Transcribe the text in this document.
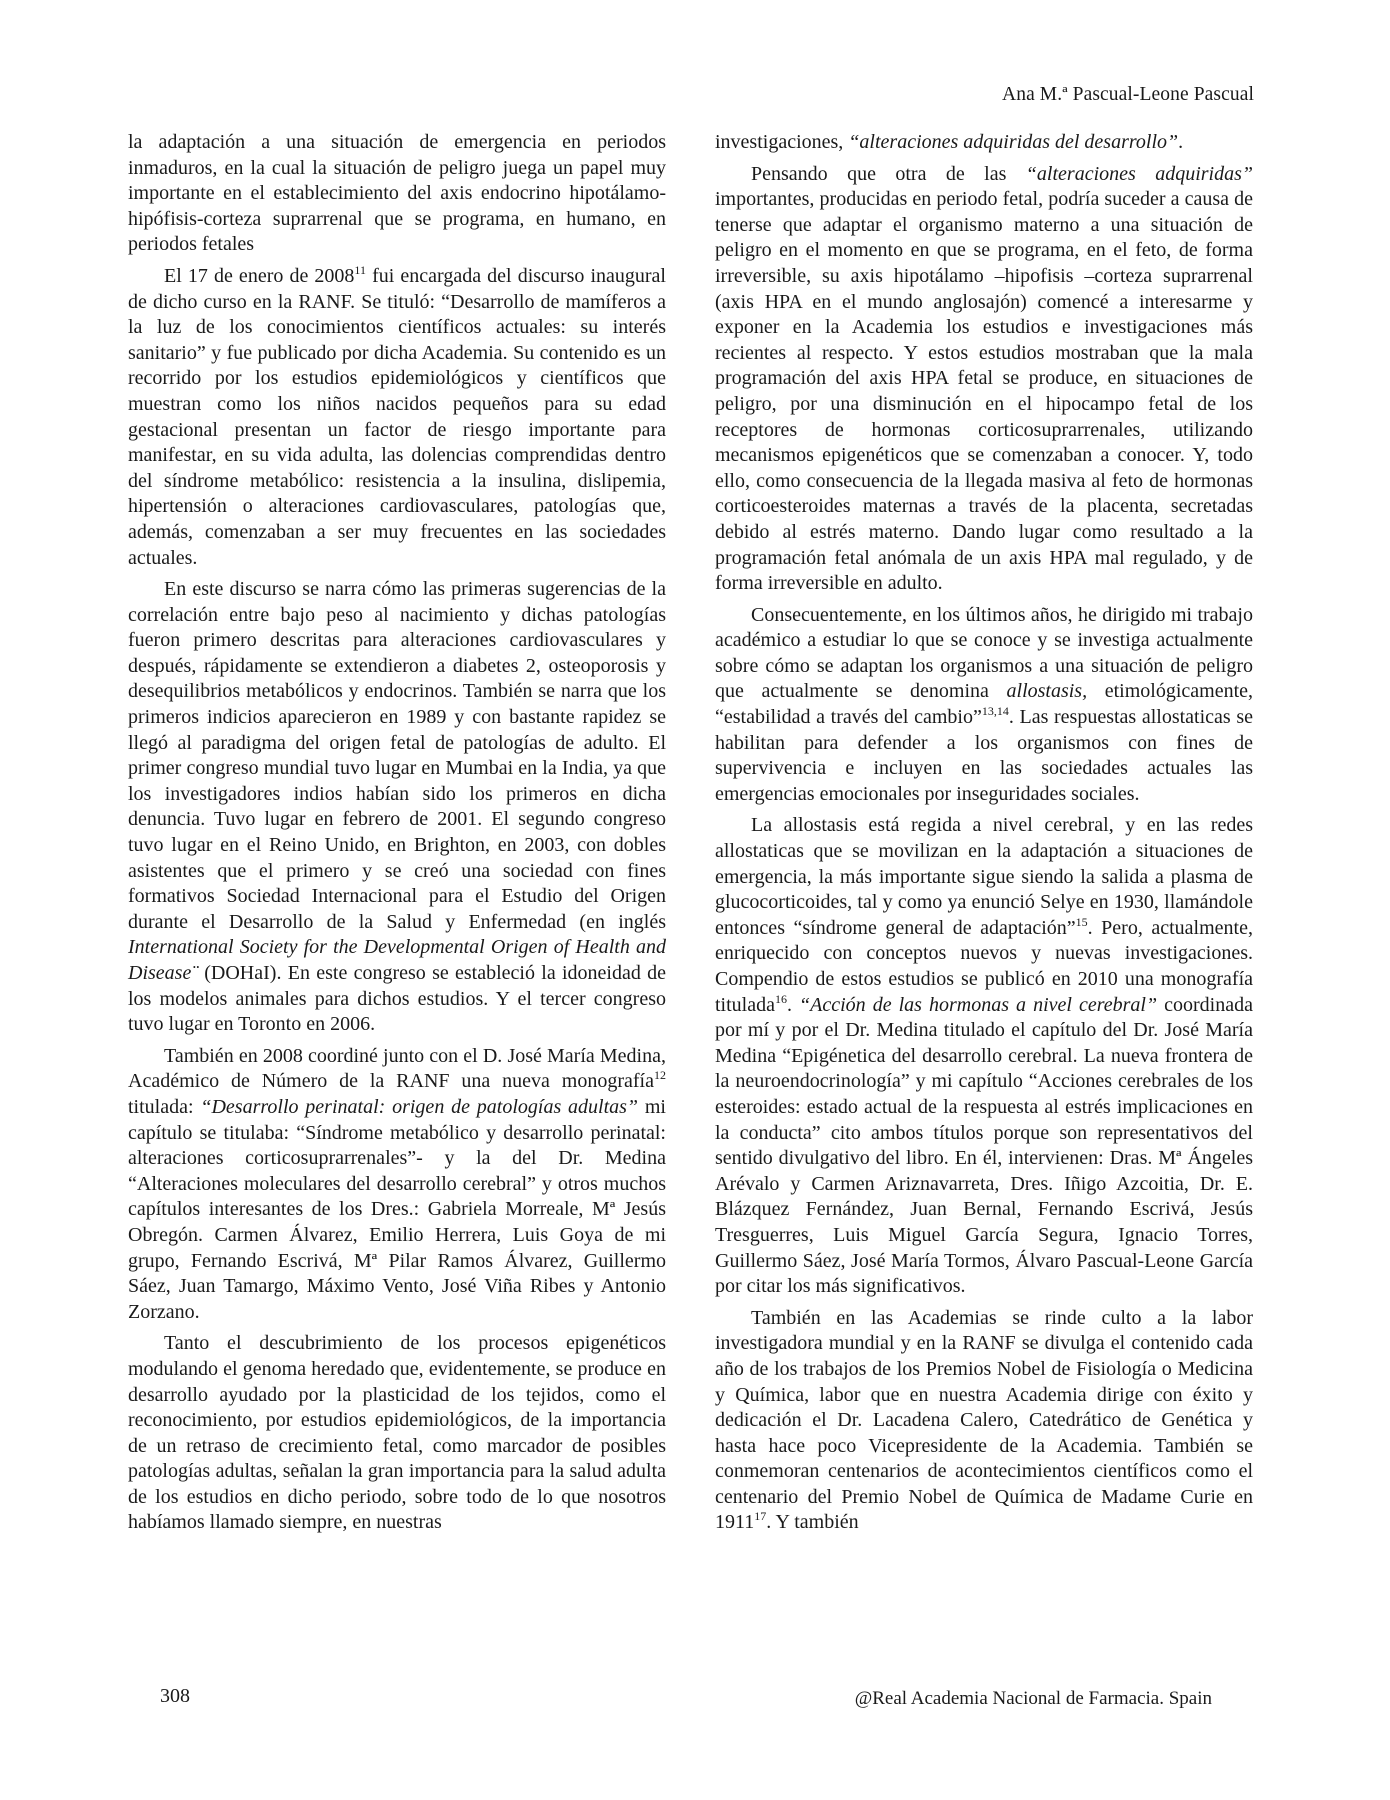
Ana M.ª Pascual-Leone Pascual

la adaptación a una situación de emergencia en periodos inmaduros, en la cual la situación de peligro juega un papel muy importante en el establecimiento del axis endocrino hipotálamo-hipófisis-corteza suprarrenal que se programa, en humano, en periodos fetales

El 17 de enero de 2008$^{11}$ fui encargada del discurso inaugural de dicho curso en la RANF. Se tituló: “Desarrollo de mamíferos a la luz de los conocimientos científicos actuales: su interés sanitario” y fue publicado por dicha Academia. Su contenido es un recorrido por los estudios epidemiológicos y científicos que muestran como los niños nacidos pequeños para su edad gestacional presentan un factor de riesgo importante para manifestar, en su vida adulta, las dolencias comprendidas dentro del síndrome metabólico: resistencia a la insulina, dislipemia, hipertensión o alteraciones cardiovasculares, patologías que, además, comenzaban a ser muy frecuentes en las sociedades actuales.

En este discurso se narra cómo las primeras sugerencias de la correlación entre bajo peso al nacimiento y dichas patologías fueron primero descritas para alteraciones cardiovasculares y después, rápidamente se extendieron a diabetes 2, osteoporosis y desequilibrios metabólicos y endocrinos. También se narra que los primeros indicios aparecieron en 1989 y con bastante rapidez se llegó al paradigma del origen fetal de patologías de adulto. El primer congreso mundial tuvo lugar en Mumbai en la India, ya que los investigadores indios habían sido los primeros en dicha denuncia. Tuvo lugar en febrero de 2001. El segundo congreso tuvo lugar en el Reino Unido, en Brighton, en 2003, con dobles asistentes que el primero y se creó una sociedad con fines formativos Sociedad Internacional para el Estudio del Origen durante el Desarrollo de la Salud y Enfermedad (en inglés International Society for the Developmental Origen of Health and Disease¨ (DOHaI). En este congreso se estableció la idoneidad de los modelos animales para dichos estudios. Y el tercer congreso tuvo lugar en Toronto en 2006.

También en 2008 coordiné junto con el D. José María Medina, Académico de Número de la RANF una nueva monografía$^{12}$ titulada: “Desarrollo perinatal: origen de patologías adultas” mi capítulo se titulaba: “Síndrome metabólico y desarrollo perinatal: alteraciones corticosuprarrenales”- y la del Dr. Medina “Alteraciones moleculares del desarrollo cerebral” y otros muchos capítulos interesantes de los Dres.: Gabriela Morreale, Mª Jesús Obregón. Carmen Álvarez, Emilio Herrera, Luis Goya de mi grupo, Fernando Escrivá, Mª Pilar Ramos Álvarez, Guillermo Sáez, Juan Tamargo, Máximo Vento, José Viña Ribes y Antonio Zorzano.

Tanto el descubrimiento de los procesos epigenéticos modulando el genoma heredado que, evidentemente, se produce en desarrollo ayudado por la plasticidad de los tejidos, como el reconocimiento, por estudios epidemiológicos, de la importancia de un retraso de crecimiento fetal, como marcador de posibles patologías adultas, señalan la gran importancia para la salud adulta de los estudios en dicho periodo, sobre todo de lo que nosotros habíamos llamado siempre, en nuestras

investigaciones, “alteraciones adquiridas del desarrollo”.

Pensando que otra de las “alteraciones adquiridas” importantes, producidas en periodo fetal, podría suceder a causa de tenerse que adaptar el organismo materno a una situación de peligro en el momento en que se programa, en el feto, de forma irreversible, su axis hipotálamo –hipofisis –corteza suprarrenal (axis HPA en el mundo anglosajón) comencé a interesarme y exponer en la Academia los estudios e investigaciones más recientes al respecto. Y estos estudios mostraban que la mala programación del axis HPA fetal se produce, en situaciones de peligro, por una disminución en el hipocampo fetal de los receptores de hormonas corticosuprarrenales, utilizando mecanismos epigenéticos que se comenzaban a conocer. Y, todo ello, como consecuencia de la llegada masiva al feto de hormonas corticoesteroides maternas a través de la placenta, secretadas debido al estrés materno. Dando lugar como resultado a la programación fetal anómala de un axis HPA mal regulado, y de forma irreversible en adulto.

Consecuentemente, en los últimos años, he dirigido mi trabajo académico a estudiar lo que se conoce y se investiga actualmente sobre cómo se adaptan los organismos a una situación de peligro que actualmente se denomina allostasis, etimológicamente, “estabilidad a través del cambio”$^{13,14}$. Las respuestas allostaticas se habilitan para defender a los organismos con fines de supervivencia e incluyen en las sociedades actuales las emergencias emocionales por inseguridades sociales.

La allostasis está regida a nivel cerebral, y en las redes allostaticas que se movilizan en la adaptación a situaciones de emergencia, la más importante sigue siendo la salida a plasma de glucocorticoides, tal y como ya enunció Selye en 1930, llamándole entonces “síndrome general de adaptación”$^{15}$. Pero, actualmente, enriquecido con conceptos nuevos y nuevas investigaciones. Compendio de estos estudios se publicó en 2010 una monografía titulada$^{16}$. “Acción de las hormonas a nivel cerebral” coordinada por mí y por el Dr. Medina titulado el capítulo del Dr. José María Medina “Epigénetica del desarrollo cerebral. La nueva frontera de la neuroendocrinología” y mi capítulo “Acciones cerebrales de los esteroides: estado actual de la respuesta al estrés implicaciones en la conducta” cito ambos títulos porque son representativos del sentido divulgativo del libro. En él, intervienen: Dras. Mª Ángeles Arévalo y Carmen Ariznavarreta, Dres. Iñigo Azcoitia, Dr. E. Blázquez Fernández, Juan Bernal, Fernando Escrivá, Jesús Tresguerres, Luis Miguel García Segura, Ignacio Torres, Guillermo Sáez, José María Tormos, Álvaro Pascual-Leone García por citar los más significativos.

También en las Academias se rinde culto a la labor investigadora mundial y en la RANF se divulga el contenido cada año de los trabajos de los Premios Nobel de Fisiología o Medicina y Química, labor que en nuestra Academia dirige con éxito y dedicación el Dr. Lacadena Calero, Catedrático de Genética y hasta hace poco Vicepresidente de la Academia. También se conmemoran centenarios de acontecimientos científicos como el centenario del Premio Nobel de Química de Madame Curie en 1911$^{17}$. Y también

308	@Real Academia Nacional de Farmacia. Spain
